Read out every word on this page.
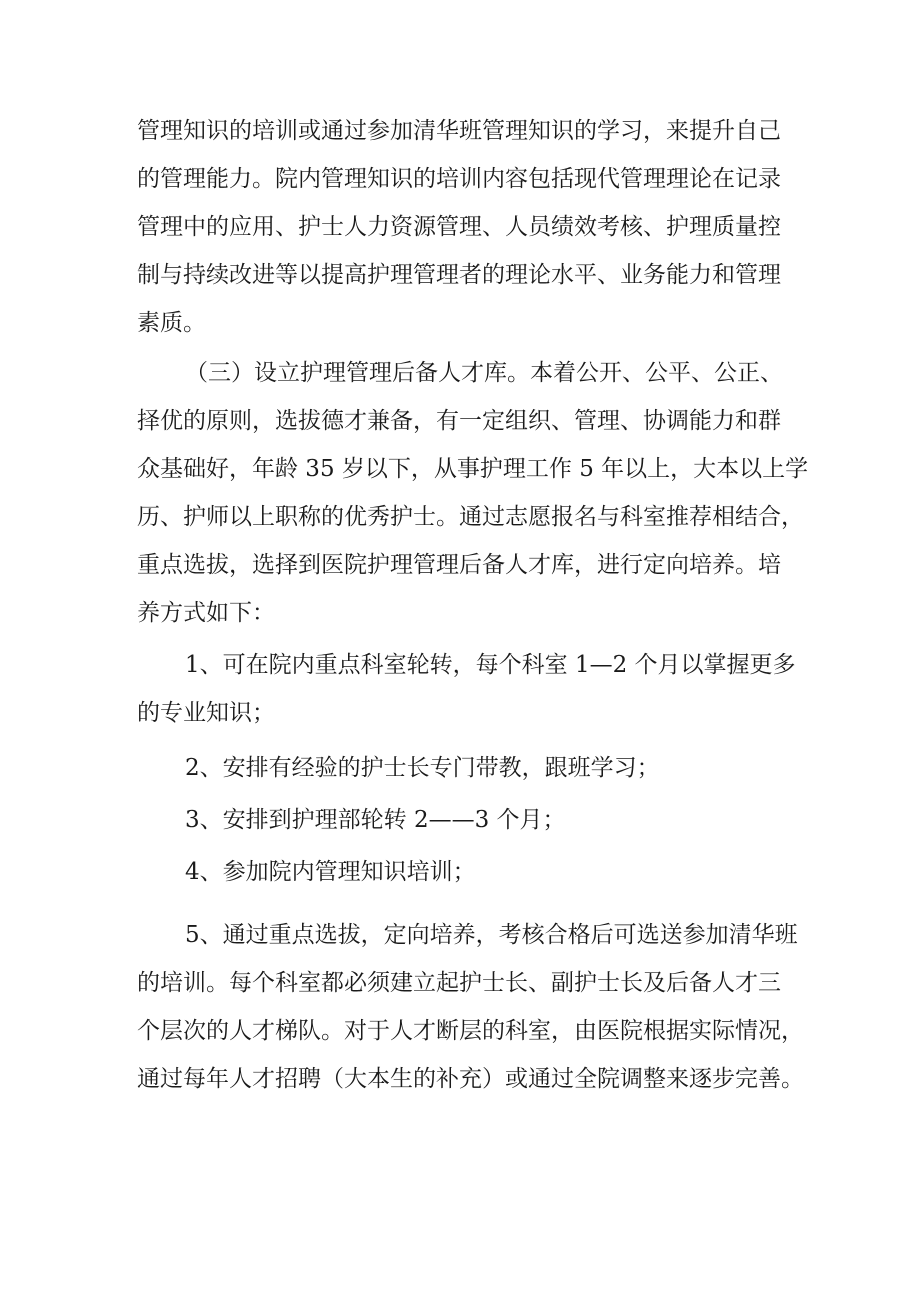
管理知识的培训或通过参加清华班管理知识的学习，来提升自己
的管理能力。院内管理知识的培训内容包括现代管理理论在记录
管理中的应用、护士人力资源管理、人员绩效考核、护理质量控
制与持续改进等以提高护理管理者的理论水平、业务能力和管理
素质。
（三）设立护理管理后备人才库。本着公开、公平、公正、
择优的原则，选拔德才兼备，有一定组织、管理、协调能力和群
众基础好，年龄 35 岁以下，从事护理工作 5 年以上，大本以上学
历、护师以上职称的优秀护士。通过志愿报名与科室推荐相结合，
重点选拔，选择到医院护理管理后备人才库，进行定向培养。培
养方式如下：
1、可在院内重点科室轮转，每个科室 1—2 个月以掌握更多
的专业知识；
2、安排有经验的护士长专门带教，跟班学习；
3、安排到护理部轮转 2——3 个月；
4、参加院内管理知识培训；
5、通过重点选拔，定向培养，考核合格后可选送参加清华班
的培训。每个科室都必须建立起护士长、副护士长及后备人才三
个层次的人才梯队。对于人才断层的科室，由医院根据实际情况，
通过每年人才招聘（大本生的补充）或通过全院调整来逐步完善。
